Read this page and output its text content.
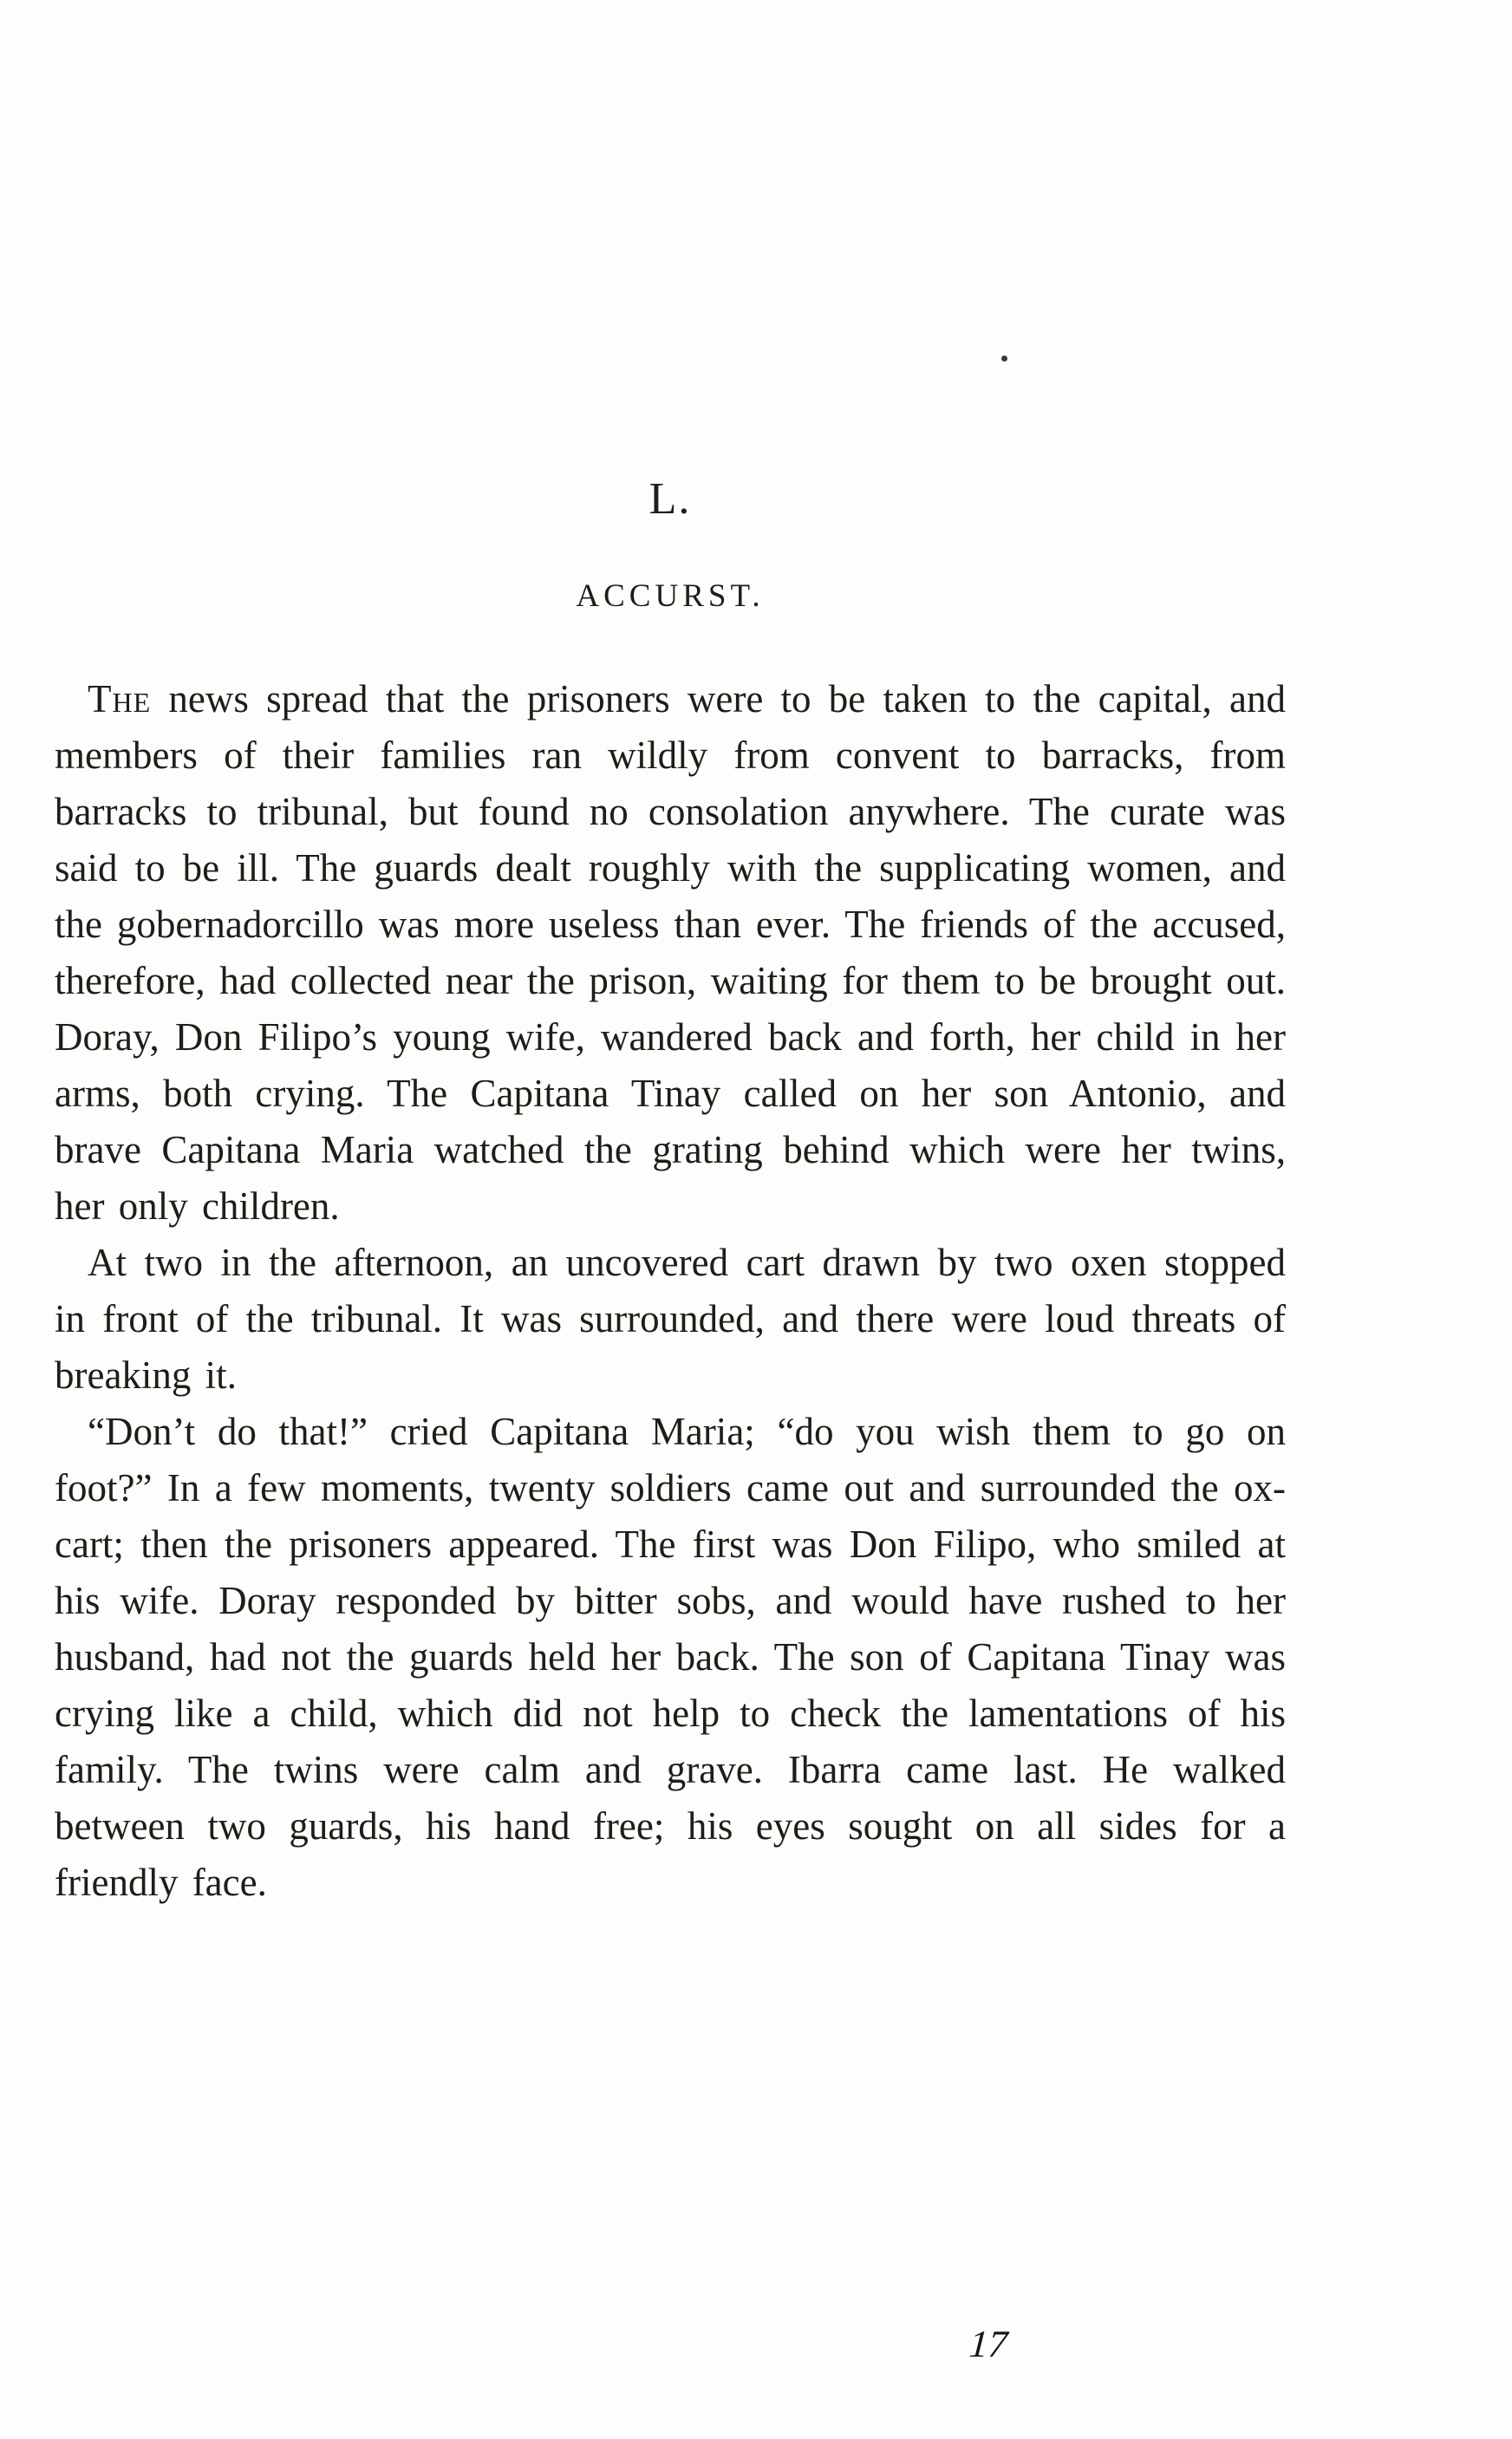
L.
ACCURST.

The news spread that the prisoners were to be taken to the capital, and members of their families ran wildly from convent to barracks, from barracks to tribunal, but found no consolation anywhere. The curate was said to be ill. The guards dealt roughly with the supplicating women, and the gobernadorcillo was more useless than ever. The friends of the accused, therefore, had collected near the prison, waiting for them to be brought out. Doray, Don Filipo’s young wife, wandered back and forth, her child in her arms, both crying. The Capitana Tinay called on her son Antonio, and brave Capitana Maria watched the grating behind which were her twins, her only children.

At two in the afternoon, an uncovered cart drawn by two oxen stopped in front of the tribunal. It was surrounded, and there were loud threats of breaking it.

“Don’t do that!” cried Capitana Maria; “do you wish them to go on foot?” In a few moments, twenty soldiers came out and surrounded the ox-cart; then the prisoners appeared. The first was Don Filipo, who smiled at his wife. Doray responded by bitter sobs, and would have rushed to her husband, had not the guards held her back. The son of Capitana Tinay was crying like a child, which did not help to check the lamentations of his family. The twins were calm and grave. Ibarra came last. He walked between two guards, his hand free; his eyes sought on all sides for a friendly face.

17
